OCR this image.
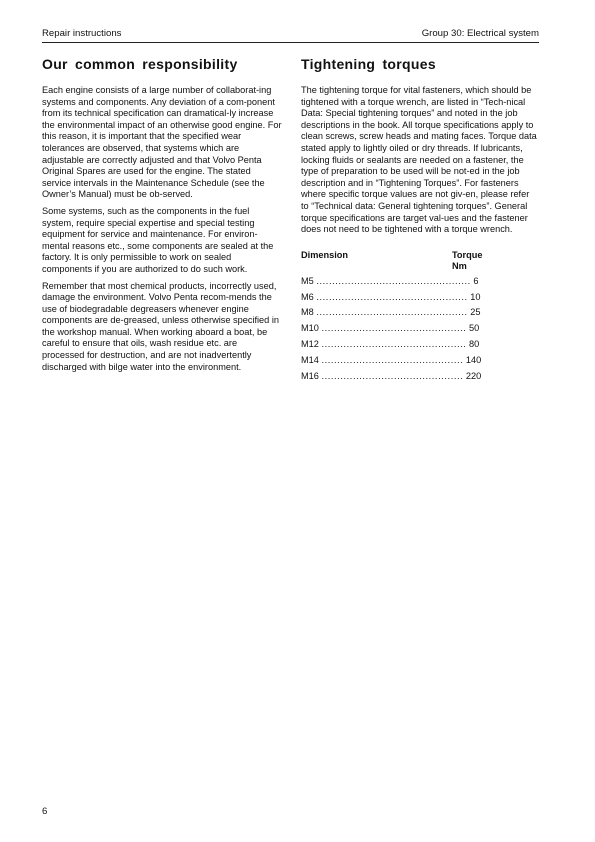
Repair instructions	Group 30: Electrical system
Our common responsibility

Each engine consists of a large number of collaborat-ing systems and components. Any deviation of a com-ponent from its technical specification can dramatical-ly increase the environmental impact of an otherwise good engine. For this reason, it is important that the specified wear tolerances are observed, that systems which are adjustable are correctly adjusted and that Volvo Penta Original Spares are used for the engine. The stated service intervals in the Maintenance Schedule (see the Owner’s Manual) must be ob-served.

Some systems, such as the components in the fuel system, require special expertise and special testing equipment for service and maintenance. For environ-mental reasons etc., some components are sealed at the factory. It is only permissible to work on sealed components if you are authorized to do such work.

Remember that most chemical products, incorrectly used, damage the environment. Volvo Penta recom-mends the use of biodegradable degreasers whenever engine components are de-greased, unless otherwise specified in the workshop manual. When working aboard a boat, be careful to ensure that oils, wash residue etc. are processed for destruction, and are not inadvertently discharged with bilge water into the environment.

Tightening torques

The tightening torque for vital fasteners, which should be tightened with a torque wrench, are listed in “Tech-nical Data: Special tightening torques” and noted in the job descriptions in the book. All torque specifications apply to clean screws, screw heads and mating faces. Torque data stated apply to lightly oiled or dry threads. If lubricants, locking fluids or sealants are needed on a fastener, the type of preparation to be used will be not-ed in the job description and in “Tightening Torques”. For fasteners where specific torque values are not giv-en, please refer to “Technical data: General tightening torques”. General torque specifications are target val-ues and the fastener does not need to be tightened with a torque wrench.

Dimension	Torque
Nm
M5 ................................................. 6
M6 ................................................ 10
M8 ................................................ 25
M10 .............................................. 50
M12 .............................................. 80
M14 ............................................. 140
M16 ............................................. 220
6
